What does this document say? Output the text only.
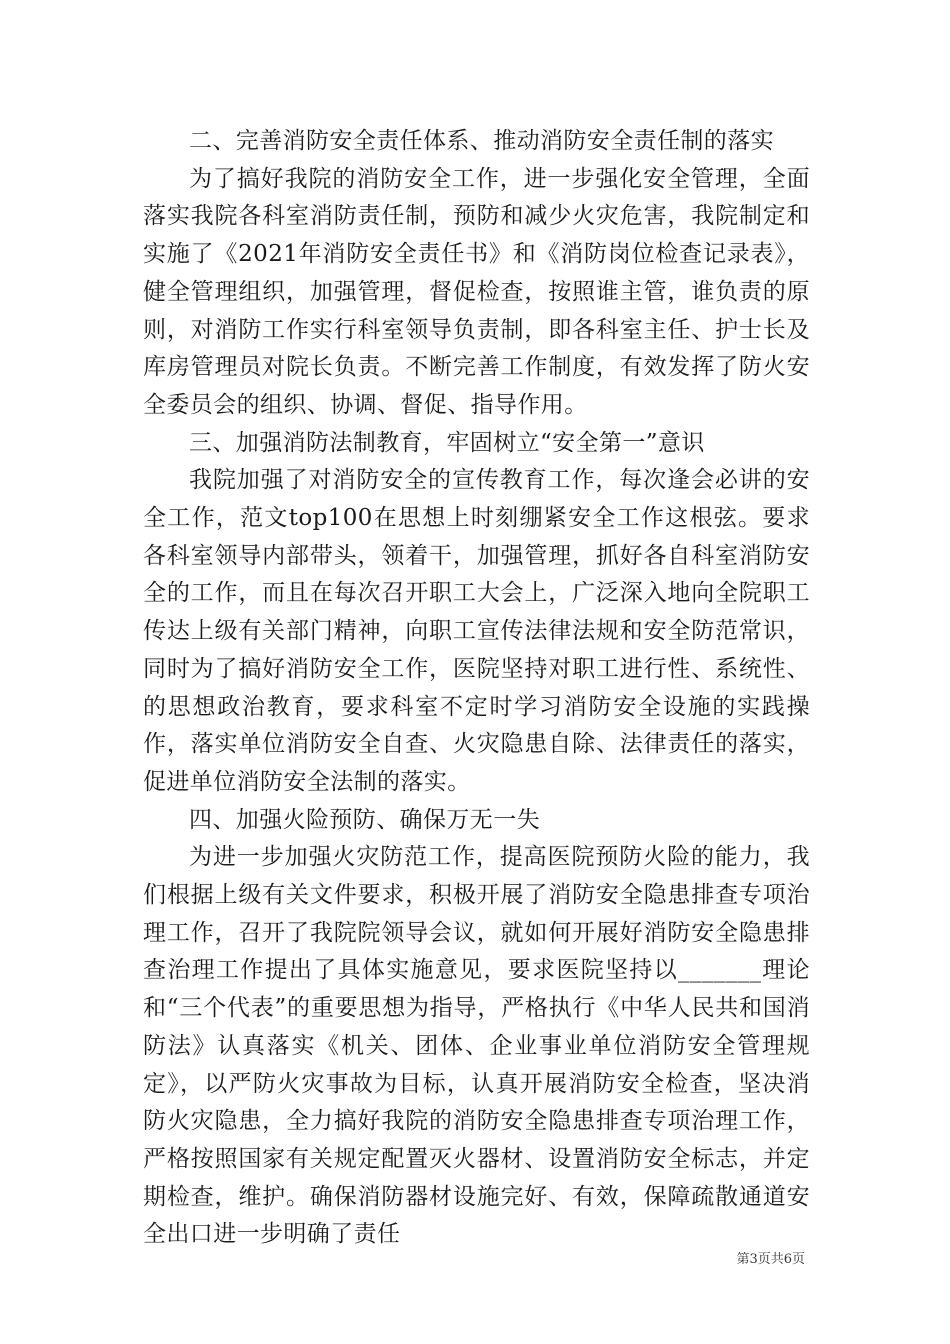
二、完善消防安全责任体系、推动消防安全责任制的落实

为了搞好我院的消防安全工作，进一步强化安全管理，全面落实我院各科室消防责任制，预防和减少火灾危害，我院制定和实施了《2021年消防安全责任书》和《消防岗位检查记录表》，健全管理组织，加强管理，督促检查，按照谁主管，谁负责的原则，对消防工作实行科室领导负责制，即各科室主任、护士长及库房管理员对院长负责。不断完善工作制度，有效发挥了防火安全委员会的组织、协调、督促、指导作用。

三、加强消防法制教育，牢固树立“安全第一”意识

我院加强了对消防安全的宣传教育工作，每次逢会必讲的安全工作，范文top100在思想上时刻绷紧安全工作这根弦。要求各科室领导内部带头，领着干，加强管理，抓好各自科室消防安全的工作，而且在每次召开职工大会上，广泛深入地向全院职工传达上级有关部门精神，向职工宣传法律法规和安全防范常识，同时为了搞好消防安全工作，医院坚持对职工进行性、系统性、的思想政治教育，要求科室不定时学习消防安全设施的实践操作，落实单位消防安全自查、火灾隐患自除、法律责任的落实，促进单位消防安全法制的落实。

四、加强火险预防、确保万无一失

为进一步加强火灾防范工作，提高医院预防火险的能力，我们根据上级有关文件要求，积极开展了消防安全隐患排查专项治理工作，召开了我院院领导会议，就如何开展好消防安全隐患排查治理工作提出了具体实施意见，要求医院坚持以_______理论和“三个代表”的重要思想为指导，严格执行《中华人民共和国消防法》认真落实《机关、团体、企业事业单位消防安全管理规定》，以严防火灾事故为目标，认真开展消防安全检查，坚决消防火灾隐患，全力搞好我院的消防安全隐患排查专项治理工作，严格按照国家有关规定配置灭火器材、设置消防安全标志，并定期检查，维护。确保消防器材设施完好、有效，保障疏散通道安全出口进一步明确了责任

第3页共6页
